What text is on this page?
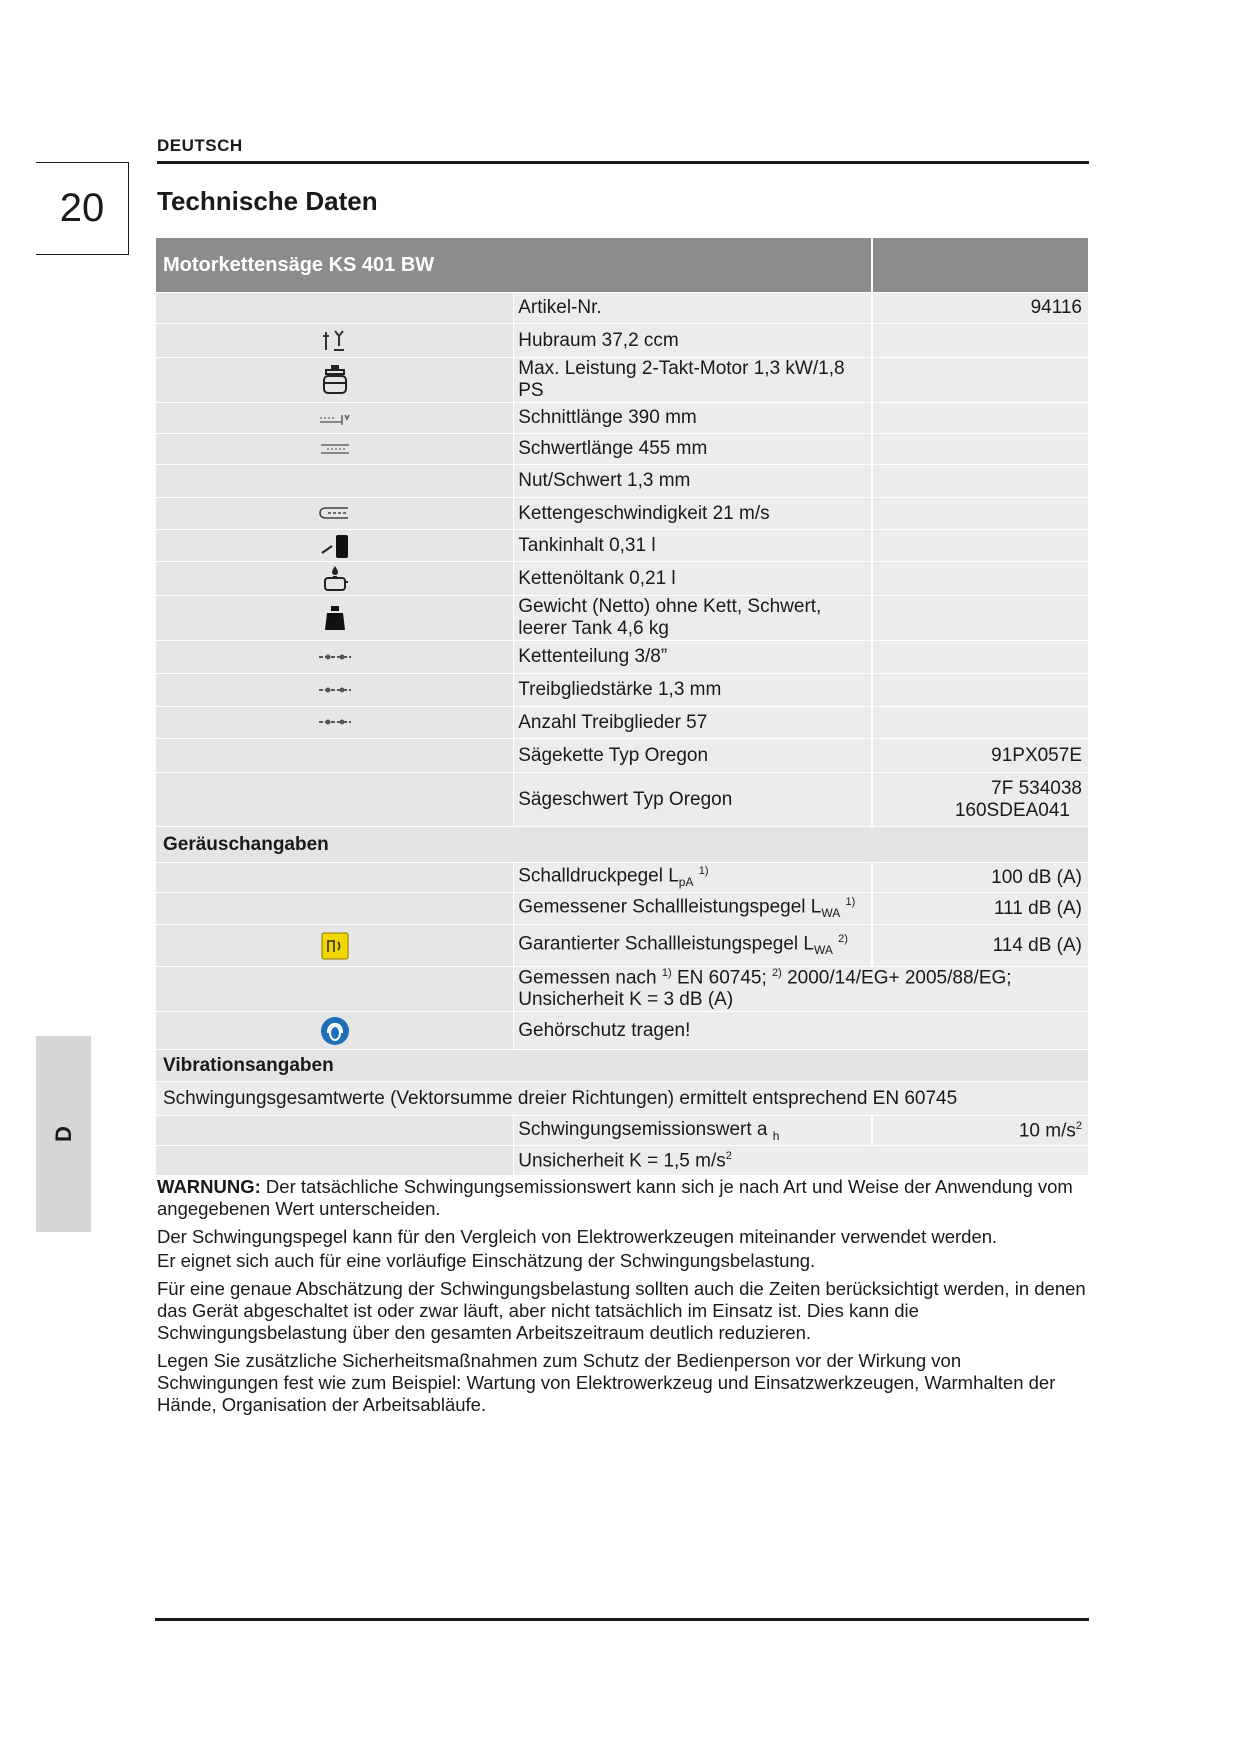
DEUTSCH
20	Technische Daten
D
Motorkettensäge KS 401 BW		
	Artikel-Nr.	94116
	Hubraum 37,2 ccm	
	Max. Leistung 2-Takt-Motor 1,3 kW/1,8 PS	
	Schnittlänge 390 mm	
	Schwertlänge 455 mm	
	Nut/Schwert 1,3 mm	
	Kettengeschwindigkeit 21 m/s	
	Tankinhalt 0,31 l	
	Kettenöltank 0,21 l	
	Gewicht (Netto) ohne Kett, Schwert, leerer Tank 4,6 kg	
	Kettenteilung 3/8”	
	Treibgliedstärke 1,3 mm	
	Anzahl Treibglieder 57	
	Sägekette Typ Oregon	91PX057E
	Sägeschwert Typ Oregon	7F 534038
160SDEA041

Geräuschangaben		
	Schalldruckpegel $L_{pA}$ $^{1)}$	100 dB (A)
	Gemessener Schallleistungspegel $L_{WA}$ $^{1)}$	111 dB (A)
	Garantierter Schallleistungspegel $L_{WA}$ $^{2)}$	114 dB (A)
	Gemessen nach $^{1)}$ EN 60745; $^{2)}$ 2000/14/EG+ 2005/88/EG; Unsicherheit K = 3 dB (A)	
	Gehörschutz tragen!	
Vibrationsangaben		
Schwingungsgesamtwerte (Vektorsumme dreier Richtungen) ermittelt entsprechend EN 60745		
	Schwingungsemissionswert a $_h$	10 $m/s^2$
	Unsicherheit K = 1,5 $m/s^2$

WARNUNG: Der tatsächliche Schwingungsemissionswert kann sich je nach Art und Weise der Anwendung vom angegebenen Wert unterscheiden.

Der Schwingungspegel kann für den Vergleich von Elektrowerkzeugen miteinander verwendet werden.

Er eignet sich auch für eine vorläufige Einschätzung der Schwingungsbelastung.

Für eine genaue Abschätzung der Schwingungsbelastung sollten auch die Zeiten berücksichtigt werden, in denen das Gerät abgeschaltet ist oder zwar läuft, aber nicht tatsächlich im Einsatz ist. Dies kann die Schwingungsbelastung über den gesamten Arbeitszeitraum deutlich reduzieren.

Legen Sie zusätzliche Sicherheitsmaßnahmen zum Schutz der Bedienperson vor der Wirkung von Schwingungen fest wie zum Beispiel: Wartung von Elektrowerkzeug und Einsatzwerkzeugen, Warmhalten der Hände, Organisation der Arbeitsabläufe.
